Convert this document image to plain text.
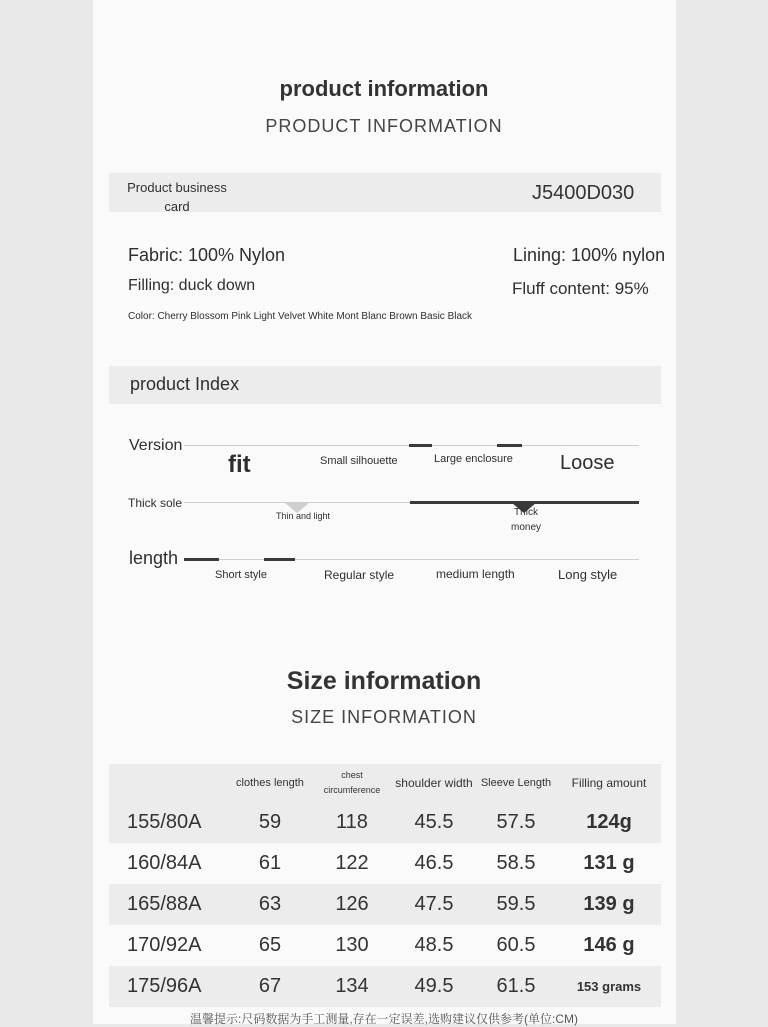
product information
PRODUCT INFORMATION
Product business card
J5400D030
Fabric: 100% Nylon	Lining: 100% nylon
Filling: duck down	Fluff content: 95%
Color: Cherry Blossom Pink Light Velvet White Mont Blanc Brown Basic Black
product Index
Version
fit	Small silhouette	Large enclosure Loose
Thick sole
Thin and light	Thick money
length
Short style	Regular style	medium length	Long style
Size information
SIZE INFORMATION
	clothes length	chest circumference	shoulder width	Sleeve Length	Filling amount
155/80A	59	118	45.5	57.5	124g
160/84A	61	122	46.5	58.5	131 g
165/88A	63	126	47.5	59.5	139 g
170/92A	65	130	48.5	60.5	146 g
175/96A	67	134	49.5	61.5	153 grams
温馨提示:尺码数据为手工测量,存在一定误差,选购建议仅供参考(单位:CM)
